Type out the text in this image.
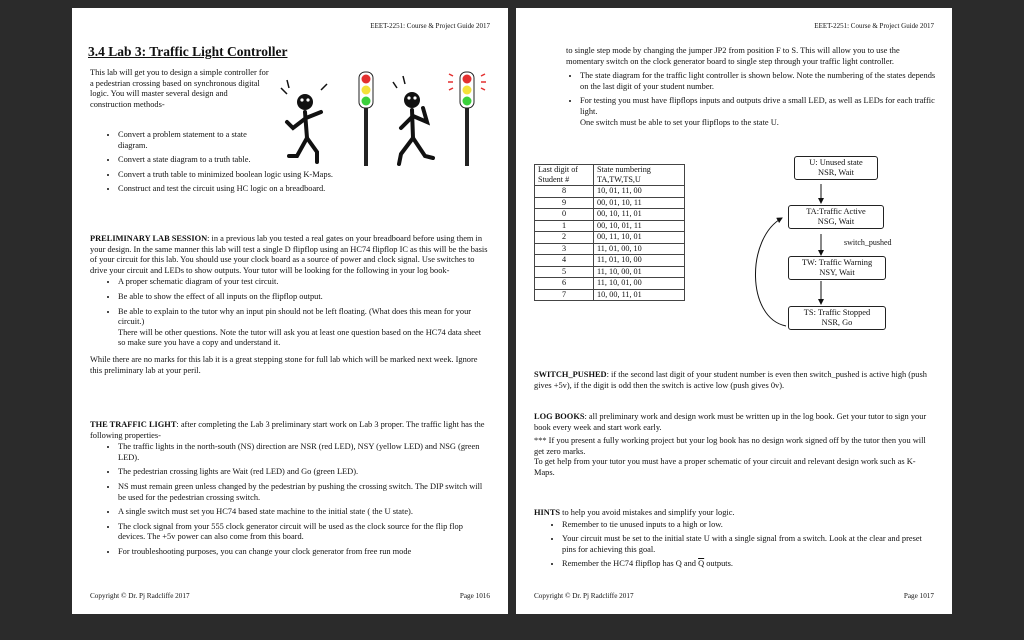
EEET-2251: Course & Project Guide 2017
3.4 Lab 3: Traffic Light Controller

This lab will get you to design a simple controller for a pedestrian crossing based on synchronous digital logic. You will master several design and construction methods-

• Convert a problem statement to a state diagram.
• Convert a state diagram to a truth table.
• Convert a truth table to minimized boolean logic using K-Maps.
• Construct and test the circuit using HC logic on a breadboard.

PRELIMINARY LAB SESSION: in a previous lab you tested a real gates on your breadboard before using them in your design. In the same manner this lab will test a single D flipflop using an HC74 flipflop IC as this will be the basis of your circuit for this lab. You should use your clock board as a source of power and clock signal. Use switches to drive your circuit and LEDs to show outputs. Your tutor will be looking for the following in your log book-

• A proper schematic diagram of your test circuit.
• Be able to show the effect of all inputs on the flipflop output.
• Be able to explain to the tutor why an input pin should not be left floating. (What does this mean for your circuit.)
There will be other questions. Note the tutor will ask you at least one question based on the HC74 data sheet so make sure you have a copy and understand it.

While there are no marks for this lab it is a great stepping stone for full lab which will be marked next week. Ignore this preliminary lab at your peril.

THE TRAFFIC LIGHT: after completing the Lab 3 preliminary start work on Lab 3 proper. The traffic light has the following properties-

• The traffic lights in the north-south (NS) direction are NSR (red LED), NSY (yellow LED) and NSG (green LED).
• The pedestrian crossing lights are Wait (red LED) and Go (green LED).
• NS must remain green unless changed by the pedestrian by pushing the crossing switch. The DIP switch will be used for the pedestrian crossing switch.
• A single switch must set you HC74 based state machine to the initial state ( the U state).
• The clock signal from your 555 clock generator circuit will be used as the clock source for the flip flop devices. The +5v power can also come from this board.
• For troubleshooting purposes, you can change your clock generator from free run mode
Copyright © Dr. Pj Radcliffe 2017	Page 1016
EEET-2251: Course & Project Guide 2017

to single step mode by changing the jumper JP2 from position F to S. This will allow you to use the momentary switch on the clock generator board to single step through your traffic light controller.

• The state diagram for the traffic light controller is shown below. Note the numbering of the states depends on the last digit of your student number.
• For testing you must have flipflops inputs and outputs drive a small LED, as well as LEDs for each traffic light.
One switch must be able to set your flipflops to the state U.
Last digit of Student #	State numbering TA,TW,TS,U
8	10, 01, 11, 00
9	00, 01, 10, 11
0	00, 10, 11, 01
1	00, 10, 01, 11
2	00, 11, 10, 01
3	11, 01, 00, 10
4	11, 01, 10, 00
5	11, 10, 00, 01
6	11, 10, 01, 00
7	10, 00, 11, 01
U: Unused state
NSR, Wait
TA:Traffic Active
NSG, Wait
switch_pushed
TW: Traffic Warning
NSY, Wait
TS: Traffic Stopped
NSR, Go

SWITCH_PUSHED: if the second last digit of your student number is even then switch_pushed is active high (push gives +5v), if the digit is odd then the switch is active low (push gives 0v).

LOG BOOKS: all preliminary work and design work must be written up in the log book. Get your tutor to sign your book every week and start work early.

*** If you present a fully working project but your log book has no design work signed off by the tutor then you will get zero marks.

To get help from your tutor you must have a proper schematic of your circuit and relevant design work such as K-Maps.

HINTS to help you avoid mistakes and simplify your logic.

• Remember to tie unused inputs to a high or low.
• Your circuit must be set to the initial state U with a single signal from a switch. Look at the clear and preset pins for achieving this goal.
• Remember the HC74 flipflop has Q and $\overline{Q}$ outputs.
Copyright © Dr. Pj Radcliffe 2017	Page 1017
